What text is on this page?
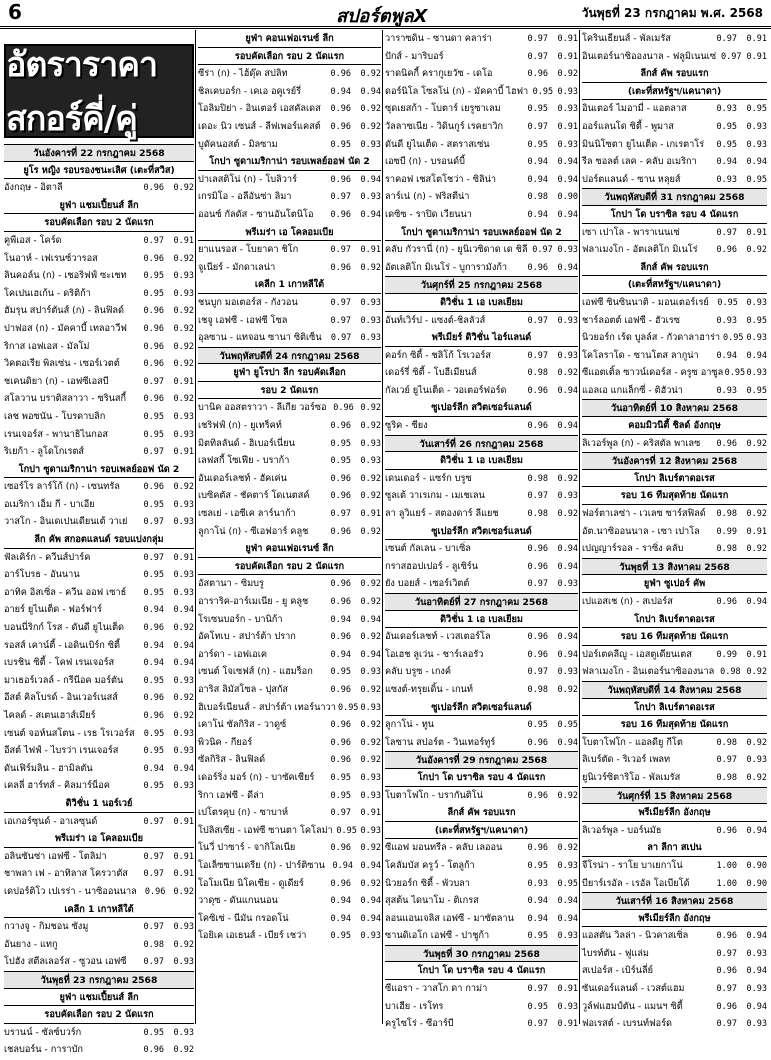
6	สปอร์ตพูลX	วันพุธที่ 23 กรกฎาคม พ.ศ. 2568
อัตราราคาสกอร์คี่/คู่
วันอังคารที่ 22 กรกฎาคม 2568
ยูโร หญิง รอบรองชนะเลิศ (เตะที่สวิส)
อังกฤษ - อิตาลี	0.96	0.92
ยูฟ่า แชมเปี้ยนส์ ลีก
รอบคัดเลือก รอบ 2 นัดแรก
คูพีเอส - โคร์ด	0.97	0.91
โนอาห์ - เฟเรนซ์วารอส	0.96	0.92
ลินคอล์น (ก) - เชอริฟฟ์ ซะเชท	0.95	0.93
โคเปนเฮเก้น - ดริติก้า	0.95	0.93
ฮัมรุน สปาร์ตันส์ (ก) - ลินฟิลด์	0.96	0.92
ปาฟอส (ก) - มัคคาบี้ เทลอาวีฟ	0.96	0.92
ริกาส เอฟเอส - มัลโม่	0.96	0.92
วิคตอเรีย พิลเซ่น - เซอร์เวตต์	0.96	0.92
ชเคนดิยา (ก) - เอฟซีเอสบี	0.97	0.91
สโลวาน บราติสลาวา - ซรินสกี้	0.96	0.92
เลช พอซนัน - โบรดาบลิก	0.95	0.93
เรนเจอร์ส - พานาธิไนกอส	0.95	0.93
ริเยก้า - ลูโดโกเรตส์	0.97	0.91
โกปา ซูดาเมริกาน่า รอบเพลย์ออฟ นัด 2
เซอร์โร ลาร์โก้ (ก) - เซนทรัล	0.96	0.92
อเมริกา เอ็ม กี - บาเอีย	0.95	0.93
วาสโก - อินเดเปนเดียนเต้ วาเย่	0.97	0.93
ลีก คัพ สกอตแลนด์ รอบแบ่งกลุ่ม
ฟัลเคิร์ก - ควีนส์ปาร์ค	0.97	0.91
อาร์โบรธ - อันนาน	0.95	0.93
อาทิค อิสเซิ่ล - ควีน ออฟ เซาธ์	0.95	0.93
อายร์ ยูไนเต็ด - ฟอร์ฟาร์	0.94	0.94
บอนนี่ริกก์ โรส - ดันดี ยูไนเต็ด	0.96	0.92
รอสส์ เคาน์ตี้ - เอดินเบิร์ก ซิตี้	0.94	0.94
เบรชิน ซิตี้ - โคฟ เรนเจอร์ส	0.94	0.94
มาเธอร์เวลล์ - กรีนีอค มอร์ตัน	0.95	0.93
อีสต์ คิลโบรด์ - อินเวอร์เนสส์	0.96	0.92
ไคลด์ - สเตนเฮาส์เมียร์	0.96	0.92
เซนต์ จอห์นสโตน - เรธ โรเวอร์ส	0.95	0.93
อีสต์ ไฟฟ์ - ไบรว่า เรนเจอร์ส	0.95	0.93
ดันเฟิร์มลิน - ฮามิลตัน	0.94	0.94
เคลลี่ ฮาร์ทส์ - คิลมาร์น็อค	0.95	0.93
ดิวิชั่น 1 นอร์เวย์
เอเกอร์ซุนด์ - อาเลซุนด์	0.97	0.91
พรีเมร่า เอ โคลอมเบีย
อลินซันซ่า เอฟซี - โตลิม่า	0.97	0.91
ชาพลา เฟ - อาทิลาส โครวาตัส	0.97	0.91
เดปอร์ติโว เปเรร่า - นาซิออนนาล 0.96 0.92
เคลีก 1 เกาหลีใต้
กวางจู - กิมชอน ซังมู	0.97	0.93
อันยาง - แทกู	0.98	0.92
โปฮัง สตีลเลอร์ส - ซูวอน เอฟซี	0.97	0.93
วันพุธที่ 23 กรกฎาคม 2568
ยูฟ่า แชมเปี้ยนส์ ลีก
รอบคัดเลือก รอบ 2 นัดแรก
บรานน์ - ซัลซ์บวร์ก	0.95	0.93
เชลบอร์น - การาบัก	0.96	0.92
ยูฟ่า คอนเฟอเรนซ์ ลีก
รอบคัดเลือก รอบ 2 นัดแรก
ซีร่า (ก) - ไฮ้ดุ๊ค สปลิท	0.96	0.92
ชิลเคบอร์ก - เคเอ อคูเรย์รี่	0.94	0.94
โอลิมปิย่า - อินเตอร์ เอสคัลเดส	0.96	0.92
เดอะ นิว เซนส์ - ลีฟเพอร์แคสต์	0.96	0.92
บูดัคนอสต์ - มิลซาม	0.95	0.93
โกปา ซูดาเมริกาน่า รอบเพลย์ออฟ นัด 2
ปาเลสติโน่ (ก) - โบลิวาร์	0.96	0.94
เกรมิโอ - อลีอันซ่า ลิมา	0.97	0.93
ออนซ์ กัลดัส - ซานอันโตนิโอ	0.96	0.94
พรีเมร่า เอ โคลอมเบีย
ยาแนรอส - โบยาคา ชิโก	0.97	0.91
จูเนียร์ - มักดาเลน่า	0.96	0.92
เคลีก 1 เกาหลีใต้
ชนบูก มอเตอร์ส - กังวอน	0.97	0.93
เชจู เอฟซี - เอฟซี โซล	0.97	0.93
อุลซาน - แทจอน ซานา ซิติเซ็น	0.97	0.93
วันพฤหัสบดีที่ 24 กรกฎาคม 2568
ยูฟ่า ยูโรปา ลีก รอบคัดเลือก
รอบ 2 นัดแรก
บานิค ออสตราวา - ลีเกีย วอร์ซอ 0.96 0.92
เชริฟฟ์ (ก) - ยูเทร็คท์	0.96	0.92
มิตทิลลันด์ - ฮิเบอร์เนี่ยน	0.95	0.93
เลฟสกี้ โซเฟีย - บราก้า	0.95	0.93
อันเดอร์เลชท์ - ฮัคเค่น	0.96	0.92
เบซิคตัส - ชัคตาร์ โดเนตสค์	0.96	0.92
เซลเย่ - เอซีเค ลาร์นาก้า	0.97	0.91
ลูกาโน่ (ก) - ซีเอฟอาร์ คลูช	0.96	0.92
ยูฟ่า คอนเฟอเรนซ์ ลีก
รอบคัดเลือก รอบ 2 นัดแรก
อัสตานา - ซิมบรู	0.96	0.92
อาราริค-อาร์เมเนีย - ยู คลูช	0.96	0.92
โรเซนบอร์ก - บานิก้า	0.94	0.94
อัคโทเบ - สปาร์ต้า ปราก	0.96	0.92
อาร์ดา - เอฟเอเค	0.94	0.94
เซนต์ โจเซฟส์ (ก) - แฮมร็อก	0.95	0.93
อาริส ลิมัสโซล - ปุสกัส	0.96	0.92
ฮิเบอร์เนียนส์ - สปาร์ต้า เทอร์นาวา 0.95 0.93
เคาโน่ ซัลกิริส - วาดูซ์	0.96	0.92
พิวนิค - กียอร์	0.96	0.92
ซัลกิริส - ลินฟิลด์	0.96	0.92
เดอร์ริ่ง มอร์ (ก) - บาซัคเชียร์	0.95	0.93
ริกา เอฟซี - ดีล่า	0.95	0.93
เปโตรคุบ (ก) - ซาบาห์	0.97	0.91
โปลิสเซีย - เอฟซี ซานตา โคโลม่า 0.95 0.93
โนวี่ ปาซาร์ - จากิโลเนีย	0.96	0.92
โอเล็ซซานเดรีย (ก) - ปาร์ติซาน 0.94 0.94
โอโมเนีย นิโคเซีย - ดูเดียร์	0.96	0.92
วาดุซ - ดันแกนนอน	0.94	0.94
โคซิเซ่ - นีมัน กรอดโน่	0.94	0.94
โอยิเค เอเธนส์ - เบียร์ เชว่า	0.95	0.93
วาราซดิน - ซานดา คลาร่า	0.97	0.91
ปักส์ - มาริบอร์	0.97	0.91
ราดนิคกี้ ครากูเยวัซ - เดโอ	0.96	0.92
ดอร์นิโล โซลโน่ (ก) - มัคคาบี้ ไฮฟา 0.95 0.93
ซุดเยสก้า - โบตาร์ เยรูซาเลม	0.95	0.93
วัลลาซเนีย - วิดินกูร์ เรคยาวิก	0.97	0.91
ดันดี ยูไนเต็ด - สตราสเซ่น	0.95	0.93
เอซบี (ก) - บรอนด์บี้	0.94	0.94
ราคอฟ เชสโตโชว่า - ซิลิน่า	0.94	0.94
ลาร์เน่ (ก) - ฟริสตีน่า	0.98	0.90
เดซิซ - ราปิด เวียนนา	0.94	0.94
โกปา ซูดาเมริกาน่า รอบเพลย์ออฟ นัด 2
คลับ กัวรานี่ (ก) - ยูนิเวซิดาด เด ชิลี 0.97 0.93
อัตเลติโก มิเนโร่ - บูการามังก้า	0.96	0.94
วันศุกร์ที่ 25 กรกฎาคม 2568
ดิวิชั่น 1 เอ เบลเยียม
อันท์เวิร์ป - แซงต์-ชิลลัวส์	0.97	0.93
พรีเมียร์ ดิวิชั่น ไอร์แลนด์
คอร์ก ซิตี้ - ชลิโก้ โรเวอร์ส	0.97	0.93
เดอร์รี่ ซิตี้ - โบฮีเมียนส์	0.98	0.92
กัลเวย์ ยูไนเต็ด - วอเตอร์ฟอร์ด	0.96	0.94
ซูเปอร์ลีก สวิตเซอร์แลนด์
ซูริค - ซียง	0.96	0.94
วันเสาร์ที่ 26 กรกฎาคม 2568
ดิวิชั่น 1 เอ เบลเยียม
เดนเดอร์ - แซร์ก บรูซ	0.98	0.92
ซูลเต้ วาเรเกม - เมเชเลน	0.97	0.93
ลา ลูวิแยร์ - สตองดาร์ ลีแยช	0.98	0.92
ซูเปอร์ลีก สวิตเซอร์แลนด์
เซนต์ กัลเลน - บาเซิ่ล	0.96	0.94
กราสฮอปเปอร์ - ลูเซิร์น	0.96	0.94
ยัง บอยส์ - เซอร์เวิตต์	0.97	0.93
วันอาทิตย์ที่ 27 กรกฎาคม 2568
ดิวิชั่น 1 เอ เบลเยียม
อันเดอร์เลชท์ - เวสเตอร์โล	0.96	0.94
โอเฮช ลูเว่น - ชาร์เลอรัว	0.96	0.94
คลับ บรูซ - เกงค์	0.97	0.93
แซงต์-ทรุยเดิ้น - เกนท์	0.98	0.92
ซูเปอร์ลีก สวิตเซอร์แลนด์
ลูกาโน่ - ทูน	0.95	0.95
โลซาน สปอร์ต - วินเทอร์ทูร์	0.96	0.94
วันอังคารที่ 29 กรกฎาคม 2568
โกปา โด บราซิล รอบ 4 นัดแรก
โบตาโฟโก - บรากันติโน่	0.96	0.92
ลีกส์ คัพ รอบแรก
(เตะที่สหรัฐฯ/แคนาดา)
ซีแอฟ มอนทรีล - คลับ เลออน	0.96	0.92
โคลัมบัส ครูว์ - โตลูก้า	0.95	0.93
นิวยอร์ก ซิตี้ - พัวบลา	0.93	0.95
สุสต้น ไดนาโม - ติเกรส	0.94	0.94
ลอนแอนเจลิส เอฟซี - มาซัตลาน	0.94	0.94
ซานดิเอโก เอฟซี - ปาชูก้า	0.95	0.93
วันพุธที่ 30 กรกฎาคม 2568
โกปา โด บราซิล รอบ 4 นัดแรก
ซีแอรา - วาสโก ดา กาม่า	0.97	0.91
บาเฮีย - เรโทร	0.95	0.93
ครูไซโร่ - ซีอาร์บี	0.97	0.91
โครินเธียนส์ - พัลเมรัส	0.97	0.91
อินเตอร์นาซิอองนาล - ฟลูมิเนนเซ่ 0.97 0.91
ลีกส์ คัพ รอบแรก
(เตะที่สหรัฐฯ/แคนาดา)
อินเตอร์ ไมอามี่ - แอตลาส	0.93	0.95
ออร์แลนโด ซิตี้ - พูมาส	0.95	0.93
มินนิโซตา ยูไนเต็ด - เกเรตาโร่	0.95	0.93
รีล ซอลต์ เลค - คลับ อเมริกา	0.94	0.94
ปอร์ตแลนด์ - ซาน หลุยส์	0.93	0.95
วันพฤหัสบดีที่ 31 กรกฎาคม 2568
โกปา โด บราซิล รอบ 4 นัดแรก
เซา เปาโล - พาราเนนเซ่	0.97	0.91
ฟลาเมงโก - อัตเลติโก มิเนโร่	0.96	0.92
ลีกส์ คัพ รอบแรก
(เตะที่สหรัฐฯ/แคนาดา)
เอฟซี ซินซินนาติ - มอนเตอร์เรย์	0.95	0.93
ชาร์ลอตต์ เอฟซี - ฮัวเรซ	0.93	0.95
นิวยอร์ก เร้ด บูลล์ส - กัวดาลาฮาร่า 0.95 0.93
โคโลราโด - ซานโตส ลากูน่า	0.94	0.94
ซีแอตเติ้ล ซาวน์เดอร์ส - ครูซ อาซูล 0.95 0.93
แอลเอ แกแล็กซี่ - ติฮัวน่า	0.93	0.95
วันอาทิตย์ที่ 10 สิงหาคม 2568
คอมมิวนิตี้ ชิลด์ อังกฤษ
ลิเวอร์พูล (ก) - คริสตัล พาเลซ	0.96	0.92
วันอังคารที่ 12 สิงหาคม 2568
โกปา ลิเบร์ตาดอเรส
รอบ 16 ทีมสุดท้าย นัดแรก
ฟอร์ตาเลซ่า - เวเลซ ซาร์สฟิลด์	0.98	0.92
อัต.นาซิออนนาล - เซา เปาโล	0.99	0.91
เปญญาร์รอล - ราซิ่ง คลับ	0.98	0.92
วันพุธที่ 13 สิงหาคม 2568
ยูฟ่า ซูเปอร์ คัพ
เปแอสเช (ก) - สเปอร์ส	0.96	0.94
โกปา ลิเบร์ตาดอเรส
รอบ 16 ทีมสุดท้าย นัดแรก
ปอร์เตคลีญู - เอสตูเดียนเตส	0.99	0.91
ฟลาเมงโก - อินเตอร์นาซิอองนาล 0.98 0.92
วันพฤหัสบดีที่ 14 สิงหาคม 2568
โกปา ลิเบร์ตาดอเรส
รอบ 16 ทีมสุดท้าย นัดแรก
โบตาโฟโก - แอลดียู กีโต	0.98	0.92
ลิเบร์ตัด - ริเวอร์ เพลท	0.97	0.93
ยูนิเวร์ซิตาริโอ - พัลเมรัส	0.98	0.92
วันศุกร์ที่ 15 สิงหาคม 2568
พรีเมียร์ลีก อังกฤษ
ลิเวอร์พูล - บอร์นมัธ	0.96	0.94
ลา ลีกา สเปน
จีโรน่า - ราโย บาเยกาโน่	1.00	0.90
บียาร์เรอัล - เรอัล โอเบียโด้	1.00	0.90
วันเสาร์ที่ 16 สิงหาคม 2568
พรีเมียร์ลีก อังกฤษ
แอสตัน วิลล่า - นิวคาสเซิ่ล	0.96	0.94
ไบรท์ตัน - ฟูแล่ม	0.97	0.93
สเปอร์ส - เบิร์นลี่ย์	0.96	0.94
ซันเดอร์แลนด์ - เวสต์แฮม	0.97	0.93
วูล์ฟแฮมป์ตัน - แมนฯ ซิตี้	0.96	0.94
ฟอเรสต์ - เบรนท์ฟอร์ด	0.97	0.93
